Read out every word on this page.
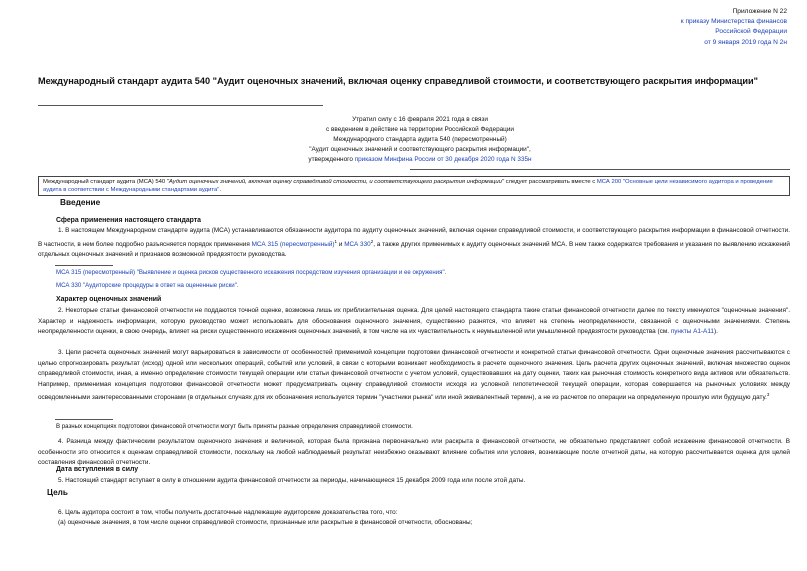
Приложение N 22
к приказу Министерства финансов
Российской Федерации
от 9 января 2019 года N 2н
Международный стандарт аудита 540 "Аудит оценочных значений, включая оценку справедливой стоимости, и соответствующего раскрытия информации"
Утратил силу с 16 февраля 2021 года в связи
с введением в действие на территории Российской Федерации
Международного стандарта аудита 540 (пересмотренный)
"Аудит оценочных значений и соответствующего раскрытия информации",
утвержденного приказом Минфина России от 30 декабря 2020 года N 335н
Международный стандарт аудита (МСА) 540 "Аудит оценочных значений, включая оценку справедливой стоимости, и соответствующего раскрытия информации" следует рассматривать вместе с МСА 200 "Основные цели независимого аудитора и проведение аудита в соответствии с Международными стандартами аудита".
Введение
Сфера применения настоящего стандарта
1. В настоящем Международном стандарте аудита (МСА) устанавливаются обязанности аудитора по аудиту оценочных значений, включая оценки справедливой стоимости, и соответствующего раскрытия информации в финансовой отчетности. В частности, в нем более подробно разъясняется порядок применения МСА 315 (пересмотренный)$^1$ и МСА $330^2$, а также других применимых к аудиту оценочных значений МСА. В нем также содержатся требования и указания по выявлению искажений отдельных оценочных значений и признаков возможной предвзятости руководства.
МСА 315 (пересмотренный) "Выявление и оценка рисков существенного искажения посредством изучения организации и ее окружения".
МСА 330 "Аудиторские процедуры в ответ на оцененные риски".
Характер оценочных значений
2. Некоторые статьи финансовой отчетности не поддаются точной оценке, возможна лишь их приблизительная оценка. Для целей настоящего стандарта такие статьи финансовой отчетности далее по тексту именуются "оценочные значения". Характер и надежность информации, которую руководство может использовать для обоснования оценочного значения, существенно разнятся, что влияет на степень неопределенности, связанной с оценочными значениями. Степень неопределенности оценки, в свою очередь, влияет на риски существенного искажения оценочных значений, в том числе на их чувствительность к неумышленной или умышленной предвзятости руководства (см. пункты А1-А11).
3. Цели расчета оценочных значений могут варьироваться в зависимости от особенностей применимой концепции подготовки финансовой отчетности и конкретной статьи финансовой отчетности. Одни оценочные значения рассчитываются с целью спрогнозировать результат (исход) одной или нескольких операций, событий или условий, в связи с которыми возникает необходимость в расчете оценочного значения. Цель расчета других оценочных значений, включая множество оценок справедливой стоимости, иная, а именно определение стоимости текущей операции или статьи финансовой отчетности с учетом условий, существовавших на дату оценки, таких как рыночная стоимость конкретного вида активов или обязательств. Например, применимая концепция подготовки финансовой отчетности может предусматривать оценку справедливой стоимости исходя из условной гипотетической текущей операции, которая совершается на рыночных условиях между осведомленными заинтересованными сторонами (в отдельных случаях для их обозначения используется термин "участники рынка" или иной эквивалентный термин), а не из расчетов по операции на определенную прошлую или будущую дату.$^3$
В разных концепциях подготовки финансовой отчетности могут быть приняты разные определения справедливой стоимости.
4. Разница между фактическим результатом оценочного значения и величиной, которая была признана первоначально или раскрыта в финансовой отчетности, не обязательно представляет собой искажение финансовой отчетности. В особенности это относится к оценкам справедливой стоимости, поскольку на любой наблюдаемый результат неизбежно оказывают влияние события или условия, возникающие после отчетной даты, на которую рассчитывается оценка для целей составления финансовой отчетности.
Дата вступления в силу
5. Настоящий стандарт вступает в силу в отношении аудита финансовой отчетности за периоды, начинающиеся 15 декабря 2009 года или после этой даты.
Цель
6. Цель аудитора состоит в том, чтобы получить достаточные надлежащие аудиторские доказательства того, что:
(а) оценочные значения, в том числе оценки справедливой стоимости, признанные или раскрытые в финансовой отчетности, обоснованы;
